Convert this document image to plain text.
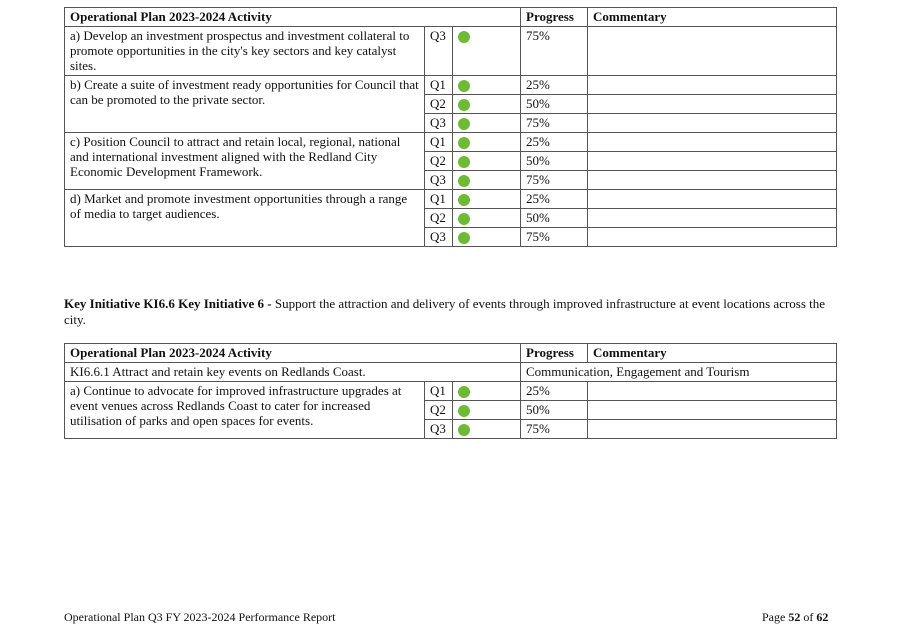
Operational Plan 2023-2024 Activity			Progress	Commentary
a) Develop an investment prospectus and investment collateral to promote opportunities in the city's key sectors and key catalyst sites.	Q3		75%	
b) Create a suite of investment ready opportunities for Council that can be promoted to the private sector.	Q1		25%	
	Q2		50%	
	Q3		75%	
c) Position Council to attract and retain local, regional, national and international investment aligned with the Redland City Economic Development Framework.	Q1		25%	
	Q2		50%	
	Q3		75%	
d) Market and promote investment opportunities through a range of media to target audiences.	Q1		25%	
	Q2		50%	
	Q3		75%	
Key Initiative KI6.6 Key Initiative 6 - Support the attraction and delivery of events through improved infrastructure at event locations across the city.
Operational Plan 2023-2024 Activity			Progress	Commentary
KI6.6.1 Attract and retain key events on Redlands Coast.			Communication, Engagement and Tourism	
a) Continue to advocate for improved infrastructure upgrades at event venues across Redlands Coast to cater for increased utilisation of parks and open spaces for events.	Q1		25%	
	Q2		50%	
	Q3		75%	
Operational Plan Q3 FY 2023-2024 Performance Report	Page 52 of 62
